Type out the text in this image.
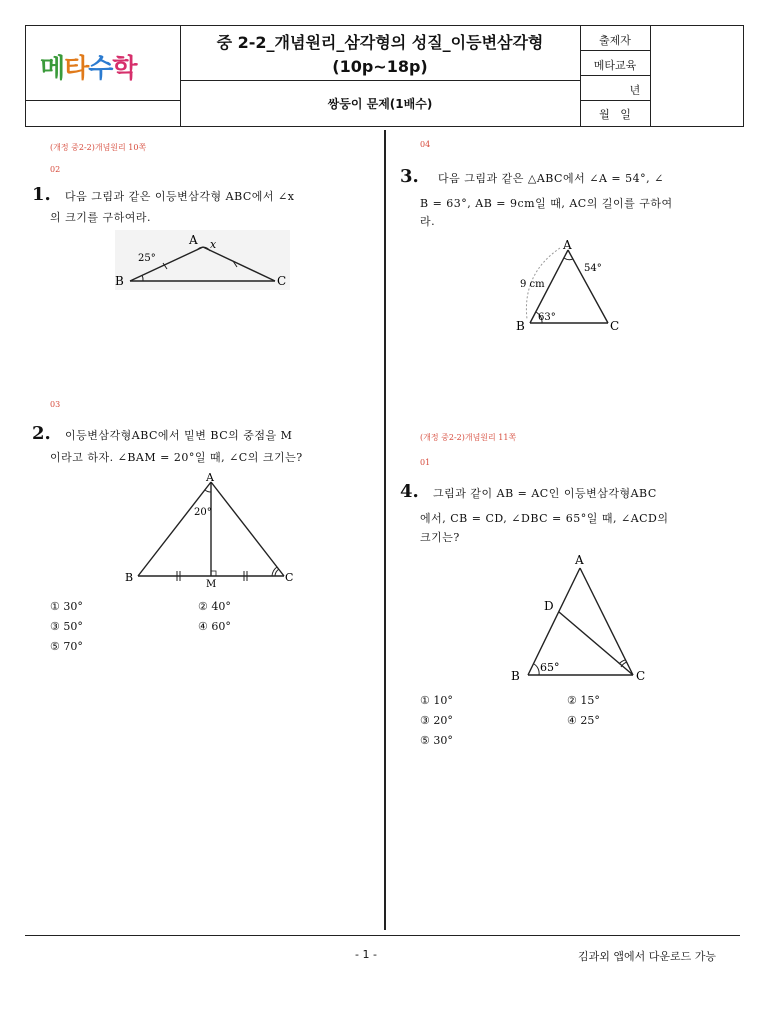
메타수학
중 2-2_개념원리_삼각형의 성질_이등변삼각형
(10p~18p)
쌍둥이 문제(1배수)
출제자
메타교육
년
월   일
(개정 중2-2)개념원리 10쪽
02
1. 다음 그림과 같은 이등변삼각형 ABC에서 ∠x
의 크기를 구하여라.
A
B	C
25°
x
03
2. 이등변삼각형ABC에서 밑변 BC의 중점을 M
이라고 하자. ∠BAM = 20°일 때, ∠C의 크기는?
A
B	C
M
20°
① 30°	② 40°
③ 50°	④ 60°
⑤ 70°
04
3. 다음 그림과 같은 △ABC에서 ∠A = 54°, ∠
B = 63°, AB = 9cm일 때, AC의 길이를 구하여
라.
A
B	C
54°
63°
9 cm
(개정 중2-2)개념원리 11쪽
01
4. 그림과 같이 AB = AC인 이등변삼각형ABC
에서, CB = CD, ∠DBC = 65°일 때, ∠ACD의
크기는?
A
B	C
D
65°
① 10°	② 15°
③ 20°	④ 25°
⑤ 30°
- 1 -	김과외 앱에서 다운로드 가능
